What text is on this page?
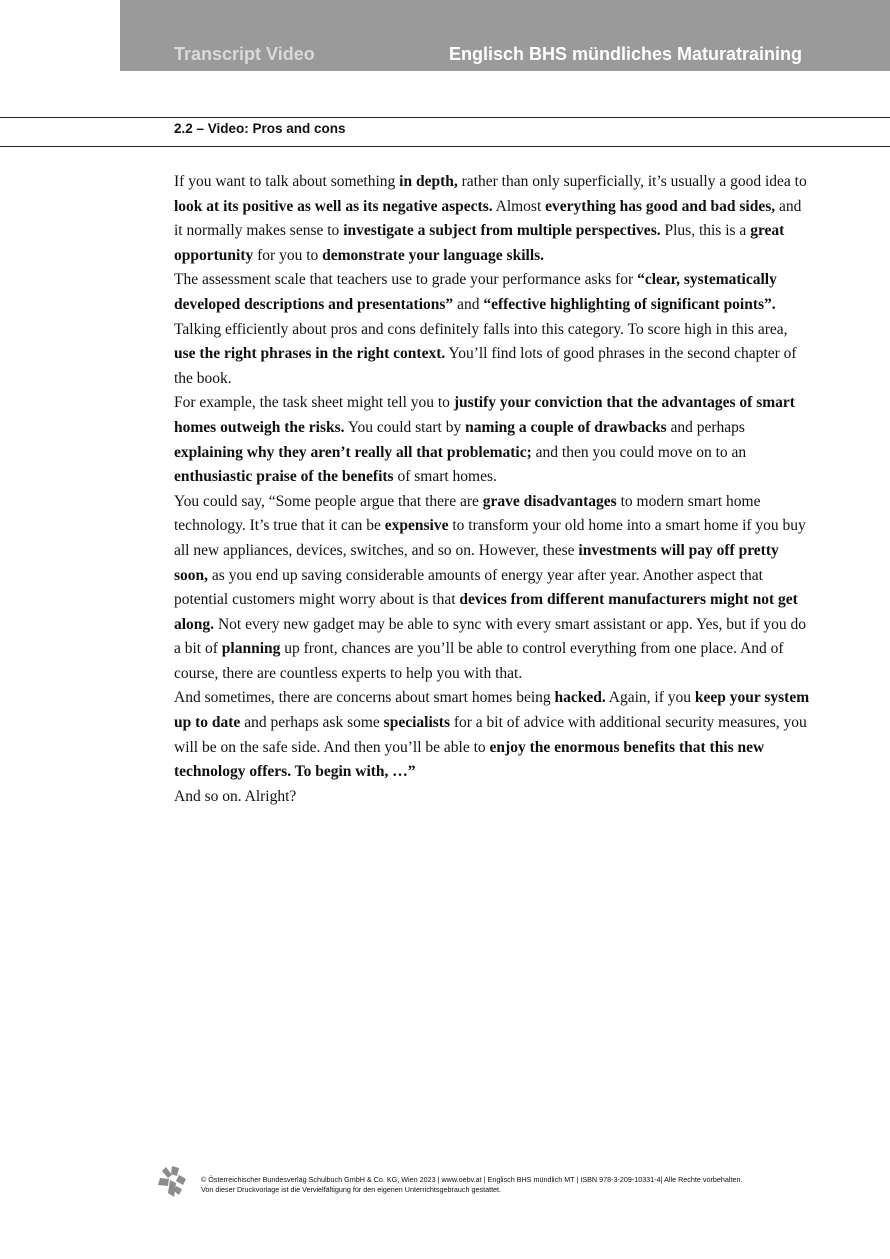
Transcript Video	Englisch BHS mündliches Maturatraining
2.2 – Video: Pros and cons

If you want to talk about something in depth, rather than only superficially, it’s usually a good idea to look at its positive as well as its negative aspects. Almost everything has good and bad sides, and it normally makes sense to investigate a subject from multiple perspectives. Plus, this is a great opportunity for you to demonstrate your language skills.

The assessment scale that teachers use to grade your performance asks for “clear, systematically developed descriptions and presentations” and “effective highlighting of significant points”. Talking efficiently about pros and cons definitely falls into this category. To score high in this area, use the right phrases in the right context. You’ll find lots of good phrases in the second chapter of the book.

For example, the task sheet might tell you to justify your conviction that the advantages of smart homes outweigh the risks. You could start by naming a couple of drawbacks and perhaps explaining why they aren’t really all that problematic; and then you could move on to an enthusiastic praise of the benefits of smart homes.

You could say, “Some people argue that there are grave disadvantages to modern smart home technology. It’s true that it can be expensive to transform your old home into a smart home if you buy all new appliances, devices, switches, and so on. However, these investments will pay off pretty soon, as you end up saving considerable amounts of energy year after year. Another aspect that potential customers might worry about is that devices from different manufacturers might not get along. Not every new gadget may be able to sync with every smart assistant or app. Yes, but if you do a bit of planning up front, chances are you’ll be able to control everything from one place. And of course, there are countless experts to help you with that.

And sometimes, there are concerns about smart homes being hacked. Again, if you keep your system up to date and perhaps ask some specialists for a bit of advice with additional security measures, you will be on the safe side. And then you’ll be able to enjoy the enormous benefits that this new technology offers. To begin with, …”

And so on. Alright?

© Österreichischer Bundesverlag Schulbuch GmbH & Co. KG, Wien 2023 | www.oebv.at | Englisch BHS mündlich MT | ISBN 978-3-209-10331-4| Alle Rechte vorbehalten.
Von dieser Druckvorlage ist die Vervielfältigung für den eigenen Unterrichtsgebrauch gestattet.
